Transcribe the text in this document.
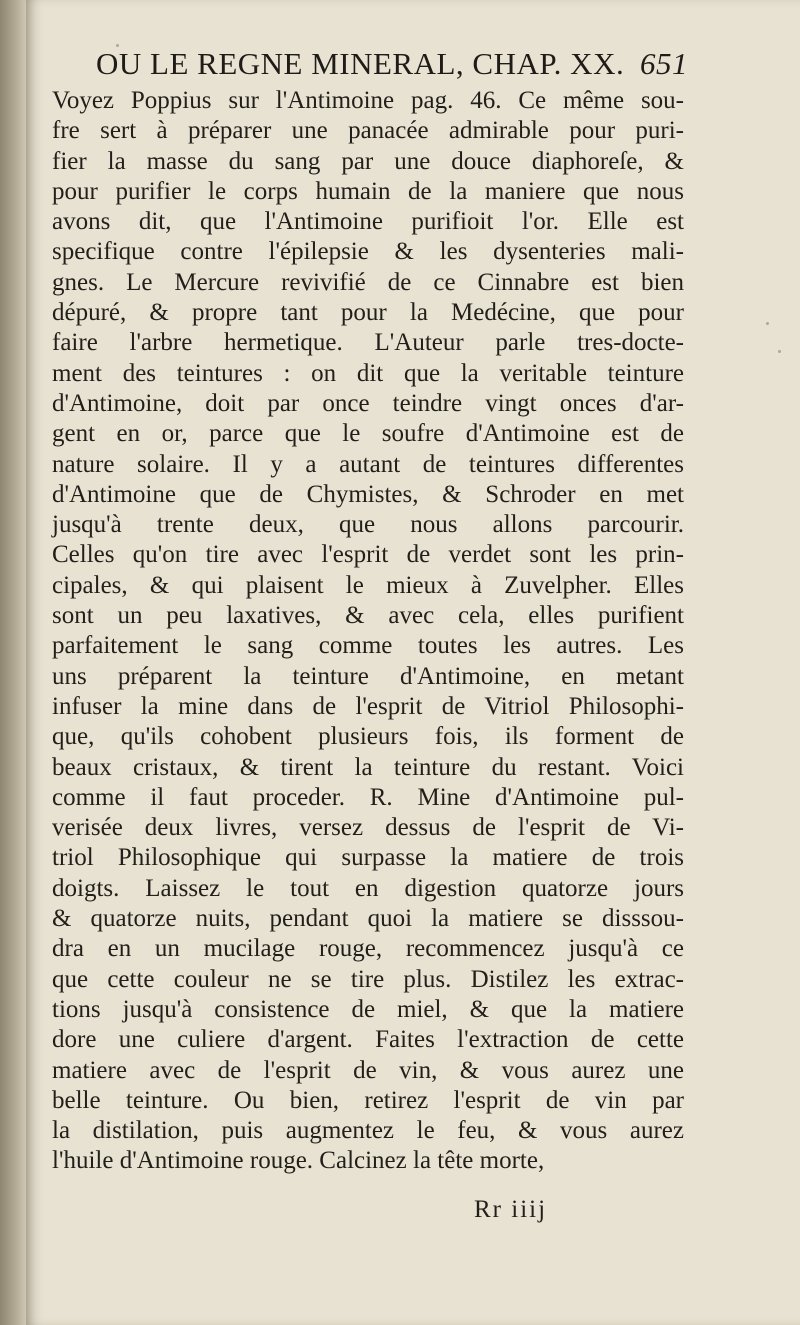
OU LE REGNE MINERAL, CHAP. XX. 651
Voyez Poppius sur l'Antimoine pag. 46. Ce même sou-
fre sert à préparer une panacée admirable pour puri-
fier la masse du sang par une douce diaphoreſe, &
pour purifier le corps humain de la maniere que nous
avons dit, que l'Antimoine purifioit l'or. Elle est
specifique contre l'épilepsie & les dysenteries mali-
gnes. Le Mercure revivifié de ce Cinnabre est bien
dépuré, & propre tant pour la Medécine, que pour
faire l'arbre hermetique. L'Auteur parle tres-docte-
ment des teintures : on dit que la veritable teinture
d'Antimoine, doit par once teindre vingt onces d'ar-
gent en or, parce que le soufre d'Antimoine est de
nature solaire. Il y a autant de teintures differentes
d'Antimoine que de Chymistes, & Schroder en met
jusqu'à trente deux, que nous allons parcourir.
Celles qu'on tire avec l'esprit de verdet sont les prin-
cipales, & qui plaisent le mieux à Zuvelpher. Elles
sont un peu laxatives, & avec cela, elles purifient
parfaitement le sang comme toutes les autres. Les
uns préparent la teinture d'Antimoine, en metant
infuser la mine dans de l'esprit de Vitriol Philosophi-
que, qu'ils cohobent plusieurs fois, ils forment de
beaux cristaux, & tirent la teinture du restant. Voici
comme il faut proceder. R. Mine d'Antimoine pul-
verisée deux livres, versez dessus de l'esprit de Vi-
triol Philosophique qui surpasse la matiere de trois
doigts. Laissez le tout en digestion quatorze jours
& quatorze nuits, pendant quoi la matiere se disssou-
dra en un mucilage rouge, recommencez jusqu'à ce
que cette couleur ne se tire plus. Distilez les extrac-
tions jusqu'à consistence de miel, & que la matiere
dore une culiere d'argent. Faites l'extraction de cette
matiere avec de l'esprit de vin, & vous aurez une
belle teinture. Ou bien, retirez l'esprit de vin par
la distilation, puis augmentez le feu, & vous aurez
l'huile d'Antimoine rouge. Calcinez la tête morte,
Rr iiij
